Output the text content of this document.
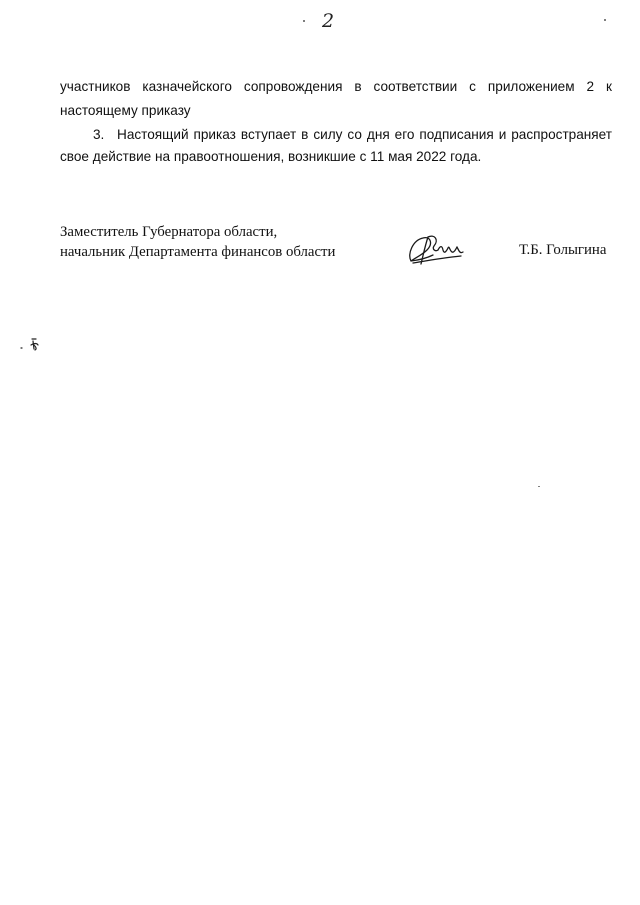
2
участников казначейского сопровождения в соответствии с приложением 2 к
настоящему приказу
3. Настоящий приказ вступает в силу со дня его подписания и распространяет свое действие на правоотношения, возникшие с 11 мая 2022 года.
Заместитель Губернатора области,
начальник Департамента финансов области	Т.Б. Голыгина
